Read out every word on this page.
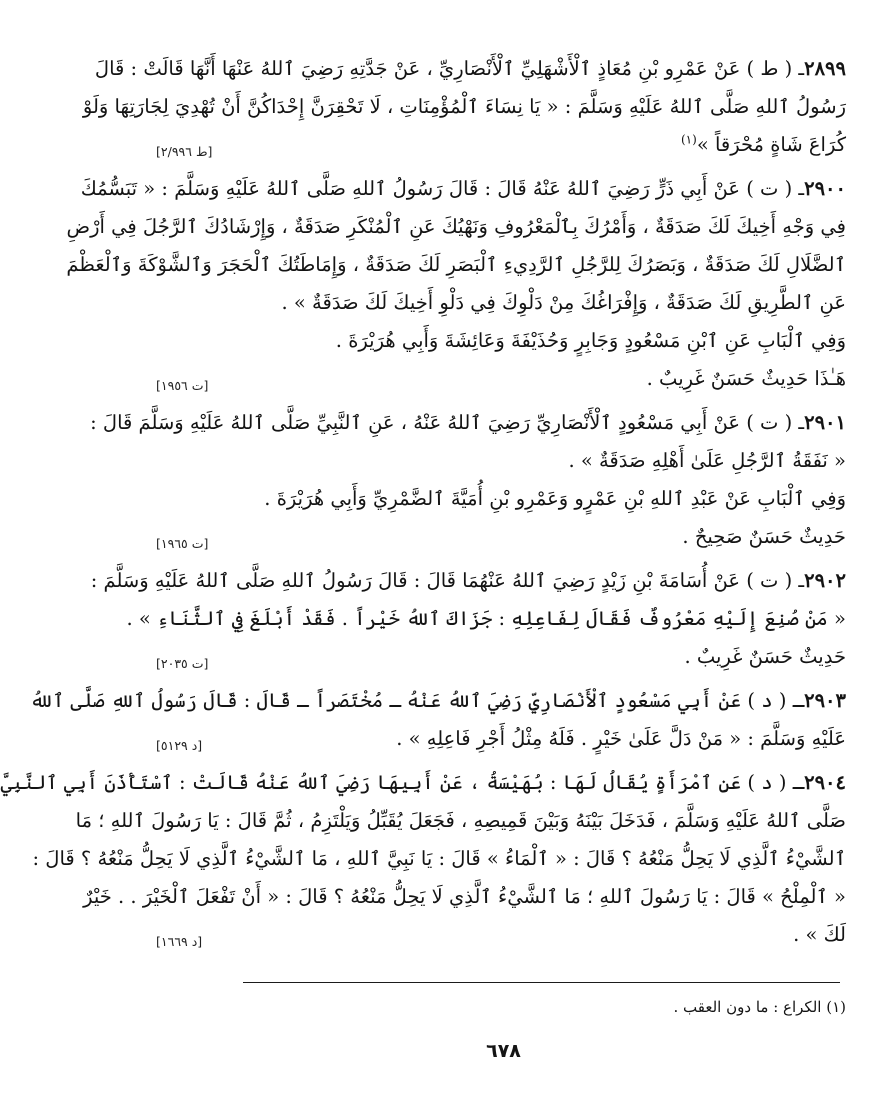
٢٨٩٩ـ ( ط ) عَنْ عَمْرِو بْنِ مُعَاذٍ ٱلْأَشْهَلِيِّ ٱلْأَنْصَارِيِّ ، عَنْ جَدَّتِهِ رَضِيَ ٱللهُ عَنْهَا أَنَّهَا قَالَتْ : قَالَ
رَسُولُ ٱللهِ صَلَّى ٱللهُ عَلَيْهِ وَسَلَّمَ : « يَا نِسَاءَ ٱلْمُؤْمِنَاتِ ، لَا تَحْقِرَنَّ إِحْدَاكُنَّ أَنْ تُهْدِيَ لِجَارَتِهَا وَلَوْ
كُرَاعَ شَاةٍ مُحْرَقاً »$^{(١)}$
[ط ٢/٩٩٦]
٢٩٠٠ـ ( ت ) عَنْ أَبِي ذَرٍّ رَضِيَ ٱللهُ عَنْهُ قَالَ : قَالَ رَسُولُ ٱللهِ صَلَّى ٱللهُ عَلَيْهِ وَسَلَّمَ : « تَبَسُّمُكَ
فِي وَجْهِ أَخِيكَ لَكَ صَدَقَةٌ ، وَأَمْرُكَ بِٱلْمَعْرُوفِ وَنَهْيُكَ عَنِ ٱلْمُنْكَرِ صَدَقَةٌ ، وَإِرْشَادُكَ ٱلرَّجُلَ فِي أَرْضِ
ٱلضَّلَالِ لَكَ صَدَقَةٌ ، وَبَصَرُكَ لِلرَّجُلِ ٱلرَّدِيءِ ٱلْبَصَرِ لَكَ صَدَقَةٌ ، وَإِمَاطَتُكَ ٱلْحَجَرَ وَٱلشَّوْكَةَ وَٱلْعَظْمَ
عَنِ ٱلطَّرِيقِ لَكَ صَدَقَةٌ ، وَإِفْرَاغُكَ مِنْ دَلْوِكَ فِي دَلْوِ أَخِيكَ لَكَ صَدَقَةٌ » .
وَفِي ٱلْبَابِ عَنِ ٱبْنِ مَسْعُودٍ وَجَابِرٍ وَحُذَيْفَةَ وَعَائِشَةَ وَأَبِي هُرَيْرَةَ .
هَـٰذَا حَدِيثٌ حَسَنٌ غَرِيبٌ .
[ت ١٩٥٦]
٢٩٠١ـ ( ت ) عَنْ أَبِي مَسْعُودٍ ٱلْأَنْصَارِيِّ رَضِيَ ٱللهُ عَنْهُ ، عَنِ ٱلنَّبِيِّ صَلَّى ٱللهُ عَلَيْهِ وَسَلَّمَ قَالَ :
« نَفَقَةُ ٱلرَّجُلِ عَلَىٰ أَهْلِهِ صَدَقَةٌ » .
وَفِي ٱلْبَابِ عَنْ عَبْدِ ٱللهِ بْنِ عَمْرٍو وَعَمْرِو بْنِ أُمَيَّةَ ٱلضَّمْرِيِّ وَأَبِي هُرَيْرَةَ .
حَدِيثٌ حَسَنٌ صَحِيحٌ .
[ت ١٩٦٥]
٢٩٠٢ـ ( ت ) عَنْ أُسَامَةَ بْنِ زَيْدٍ رَضِيَ ٱللهُ عَنْهُمَا قَالَ : قَالَ رَسُولُ ٱللهِ صَلَّى ٱللهُ عَلَيْهِ وَسَلَّمَ :
« مَنْ صُنِعَ إِلَيْهِ مَعْرُوفٌ فَقَالَ لِفَاعِلِهِ : جَزَاكَ ٱللهُ خَيْراً . فَقَدْ أَبْلَغَ فِي ٱلثَّنَاءِ » .
حَدِيثٌ حَسَنٌ غَرِيبٌ .
[ت ٢٠٣٥]
٢٩٠٣ـ ( د ) عَنْ أَبِي مَسْعُودٍ ٱلْأَنْصَارِيِّ رَضِيَ ٱللهُ عَنْهُ ـ مُخْتَصَراً ـ قَالَ : قَالَ رَسُولُ ٱللهِ صَلَّى ٱللهُ
عَلَيْهِ وَسَلَّمَ : « مَنْ دَلَّ عَلَىٰ خَيْرٍ . فَلَهُ مِثْلُ أَجْرِ فَاعِلِهِ » .
[د ٥١٢٩]
٢٩٠٤ـ ( د ) عَنِ ٱمْرَأَةٍ يُقَالُ لَهَا : بُهَيْسَةُ ، عَنْ أَبِيهَا رَضِيَ ٱللهُ عَنْهُ قَالَتْ : ٱسْتَأْذَنَ أَبِي ٱلنَّبِيَّ
صَلَّى ٱللهُ عَلَيْهِ وَسَلَّمَ ، فَدَخَلَ بَيْنَهُ وَبَيْنَ قَمِيصِهِ ، فَجَعَلَ يُقَبِّلُ وَيَلْتَزِمُ ، ثُمَّ قَالَ : يَا رَسُولَ ٱللهِ ؛ مَا
ٱلشَّيْءُ ٱلَّذِي لَا يَحِلُّ مَنْعُهُ ؟ قَالَ : « ٱلْمَاءُ » قَالَ : يَا نَبِيَّ ٱللهِ ، مَا ٱلشَّيْءُ ٱلَّذِي لَا يَحِلُّ مَنْعُهُ ؟ قَالَ :
« ٱلْمِلْحُ » قَالَ : يَا رَسُولَ ٱللهِ ؛ مَا ٱلشَّيْءُ ٱلَّذِي لَا يَحِلُّ مَنْعُهُ ؟ قَالَ : « أَنْ تَفْعَلَ ٱلْخَيْرَ . . خَيْرٌ
لَكَ » .
[د ١٦٦٩]
(١) الكراع : ما دون العقب .
٦٧٨
